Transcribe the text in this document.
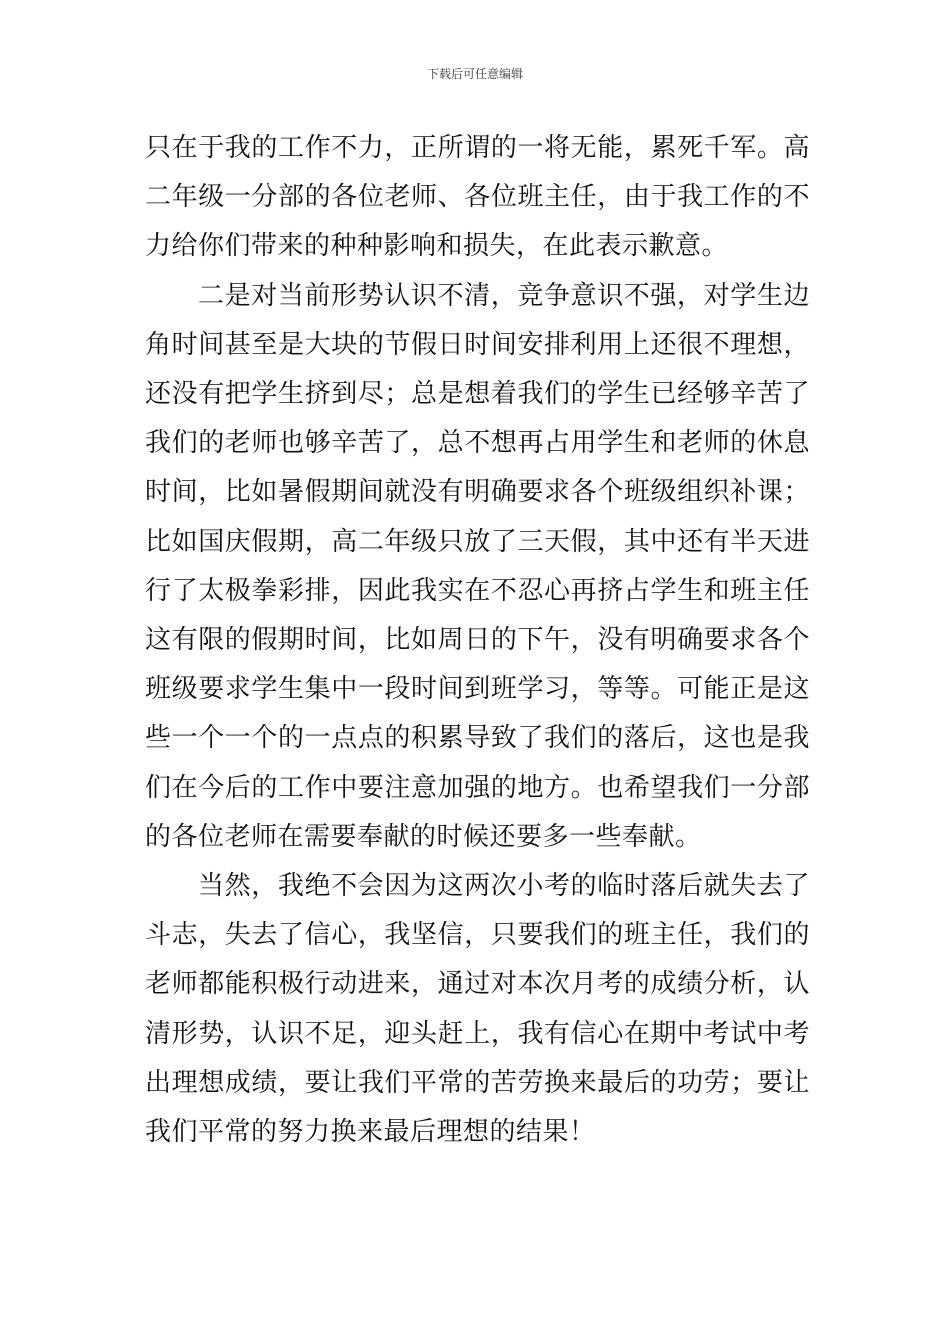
下载后可任意编辑

只在于我的工作不力，正所谓的一将无能，累死千军。高二年级一分部的各位老师、各位班主任，由于我工作的不力给你们带来的种种影响和损失，在此表示歉意。

二是对当前形势认识不清，竞争意识不强，对学生边角时间甚至是大块的节假日时间安排利用上还很不理想，还没有把学生挤到尽；总是想着我们的学生已经够辛苦了我们的老师也够辛苦了，总不想再占用学生和老师的休息时间，比如暑假期间就没有明确要求各个班级组织补课；比如国庆假期，高二年级只放了三天假，其中还有半天进行了太极拳彩排，因此我实在不忍心再挤占学生和班主任这有限的假期时间，比如周日的下午，没有明确要求各个班级要求学生集中一段时间到班学习，等等。可能正是这些一个一个的一点点的积累导致了我们的落后，这也是我们在今后的工作中要注意加强的地方。也希望我们一分部的各位老师在需要奉献的时候还要多一些奉献。

当然，我绝不会因为这两次小考的临时落后就失去了斗志，失去了信心，我坚信，只要我们的班主任，我们的老师都能积极行动进来，通过对本次月考的成绩分析，认清形势，认识不足，迎头赶上，我有信心在期中考试中考出理想成绩，要让我们平常的苦劳换来最后的功劳；要让我们平常的努力换来最后理想的结果！
